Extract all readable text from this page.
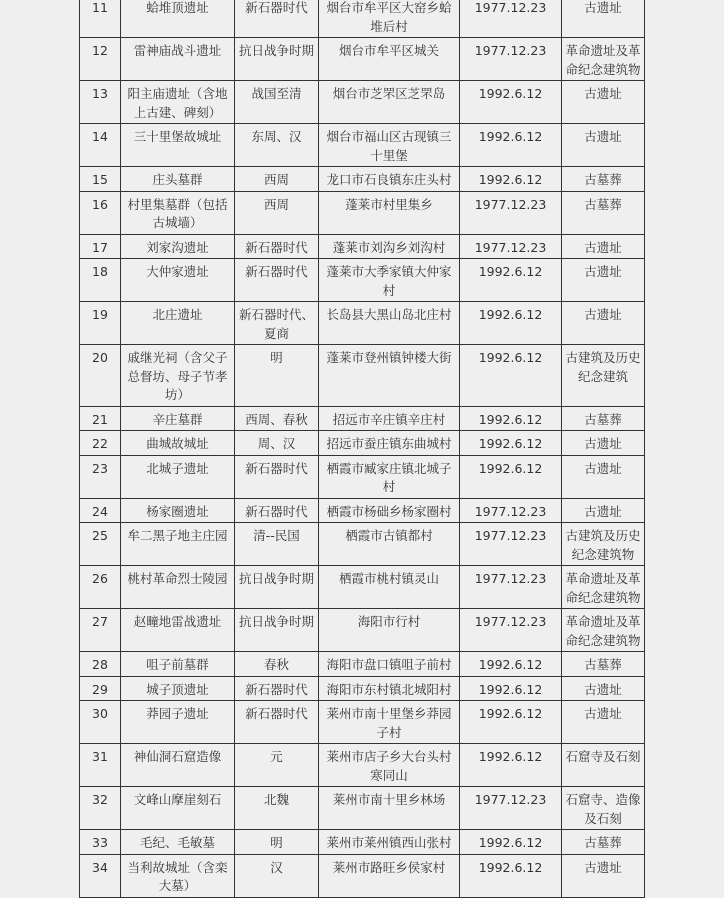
11	蛤堆顶遗址	新石器时代	烟台市牟平区大窑乡蛤堆后村	1977.12.23	古遗址
12	雷神庙战斗遗址	抗日战争时期	烟台市牟平区城关	1977.12.23	革命遗址及革命纪念建筑物
13	阳主庙遗址（含地上古建、碑刻）	战国至清	烟台市芝罘区芝罘岛	1992.6.12	古遗址
14	三十里堡故城址	东周、汉	烟台市福山区古现镇三十里堡	1992.6.12	古遗址
15	庄头墓群	西周	龙口市石良镇东庄头村	1992.6.12	古墓葬
16	村里集墓群（包括古城墙）	西周	蓬莱市村里集乡	1977.12.23	古墓葬
17	刘家沟遗址	新石器时代	蓬莱市刘沟乡刘沟村	1977.12.23	古遗址
18	大仲家遗址	新石器时代	蓬莱市大季家镇大仲家村	1992.6.12	古遗址
19	北庄遗址	新石器时代、夏商	长岛县大黑山岛北庄村	1992.6.12	古遗址
20	戚继光祠（含父子总督坊、母子节孝坊）	明	蓬莱市登州镇钟楼大街	1992.6.12	古建筑及历史纪念建筑
21	辛庄墓群	西周、春秋	招远市辛庄镇辛庄村	1992.6.12	古墓葬
22	曲城故城址	周、汉	招远市蚕庄镇东曲城村	1992.6.12	古遗址
23	北城子遗址	新石器时代	栖霞市臧家庄镇北城子村	1992.6.12	古遗址
24	杨家圈遗址	新石器时代	栖霞市杨础乡杨家圈村	1977.12.23	古遗址
25	牟二黑子地主庄园	清--民国	栖霞市古镇都村	1977.12.23	古建筑及历史纪念建筑物
26	桃村革命烈士陵园	抗日战争时期	栖霞市桃村镇灵山	1977.12.23	革命遗址及革命纪念建筑物
27	赵疃地雷战遗址	抗日战争时期	海阳市行村	1977.12.23	革命遗址及革命纪念建筑物
28	咀子前墓群	春秋	海阳市盘口镇咀子前村	1992.6.12	古墓葬
29	城子顶遗址	新石器时代	海阳市东村镇北城阳村	1992.6.12	古遗址
30	莽园子遗址	新石器时代	莱州市南十里堡乡莽园子村	1992.6.12	古遗址
31	神仙洞石窟造像	元	莱州市店子乡大台头村寒同山	1992.6.12	石窟寺及石刻
32	文峰山摩崖刻石	北魏	莱州市南十里乡林场	1977.12.23	石窟寺、造像及石刻
33	毛纪、毛敏墓	明	莱州市莱州镇西山张村	1992.6.12	古墓葬
34	当利故城址（含栾大墓）	汉	莱州市路旺乡侯家村	1992.6.12	古遗址
